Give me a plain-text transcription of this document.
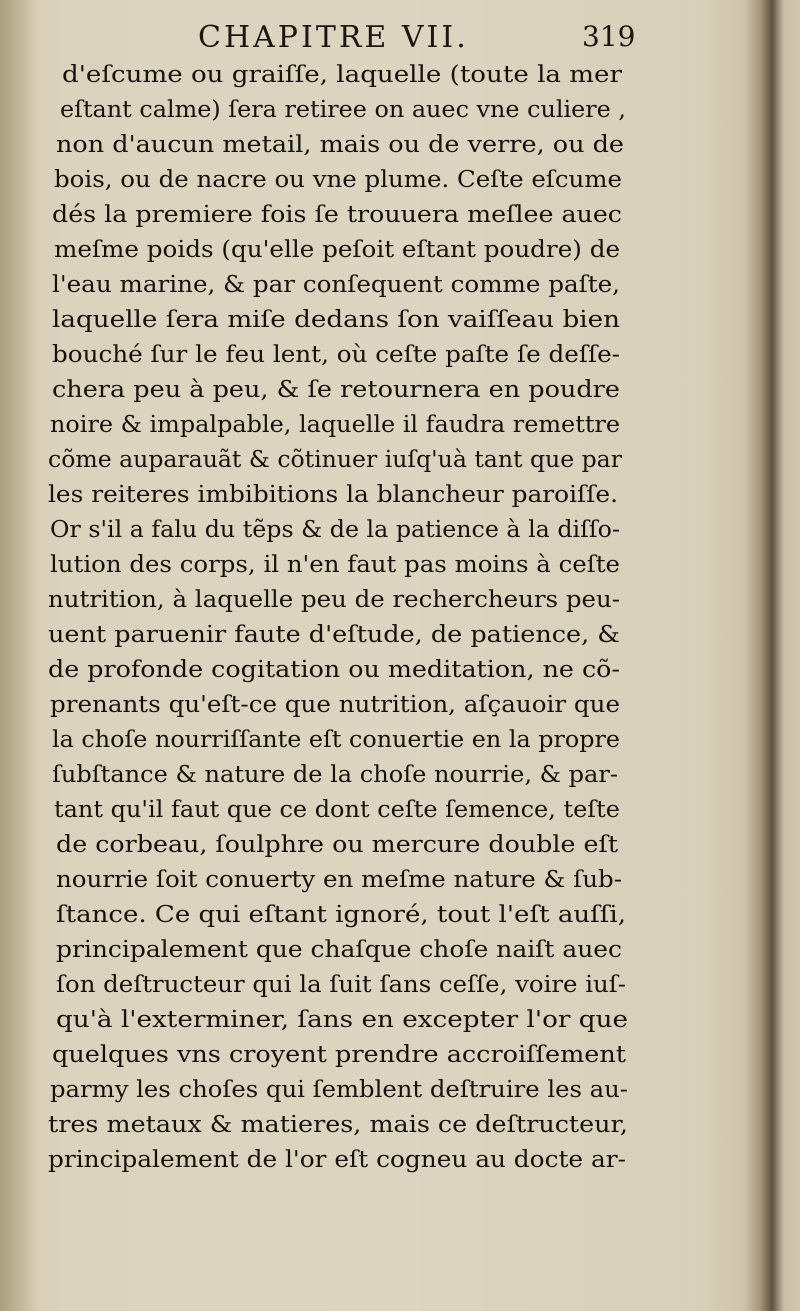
CHAPITRE VII.	319
d'eſcume ou graiſſe, laquelle (toute la mer
eſtant calme) ſera retiree on auec vne culiere ,
non d'aucun metail, mais ou de verre, ou de
bois, ou de nacre ou vne plume. Ceſte eſcume
dés la premiere fois ſe trouuera meſlee auec
meſme poids (qu'elle peſoit eſtant poudre) de
l'eau marine, & par conſequent comme paſte,
laquelle ſera miſe dedans ſon vaiſſeau bien
bouché ſur le feu lent, où ceſte paſte ſe deſſe-
chera peu à peu, & ſe retournera en poudre
noire & impalpable, laquelle il faudra remettre
cõme auparauãt & cõtinuer iuſq'uà tant que par
les reiteres imbibitions la blancheur paroiſſe.
Or s'il a falu du tẽps & de la patience à la diſſo-
lution des corps, il n'en faut pas moins à ceſte
nutrition, à laquelle peu de rechercheurs peu-
uent paruenir faute d'eſtude, de patience, &
de profonde cogitation ou meditation, ne cõ-
prenants qu'eſt-ce que nutrition, aſçauoir que
la choſe nourriſſante eſt conuertie en la propre
ſubſtance & nature de la choſe nourrie, & par-
tant qu'il faut que ce dont ceſte ſemence, teſte
de corbeau, ſoulphre ou mercure double eſt
nourrie ſoit conuerty en meſme nature & ſub-
ſtance. Ce qui eſtant ignoré, tout l'eſt auſſi,
principalement que chaſque choſe naiſt auec
ſon deſtructeur qui la ſuit ſans ceſſe, voire iuſ-
qu'à l'exterminer, ſans en excepter l'or que
quelques vns croyent prendre accroiſſement
parmy les choſes qui ſemblent deſtruire les au-
tres metaux & matieres, mais ce deſtructeur,
principalement de l'or eſt cogneu au docte ar-
